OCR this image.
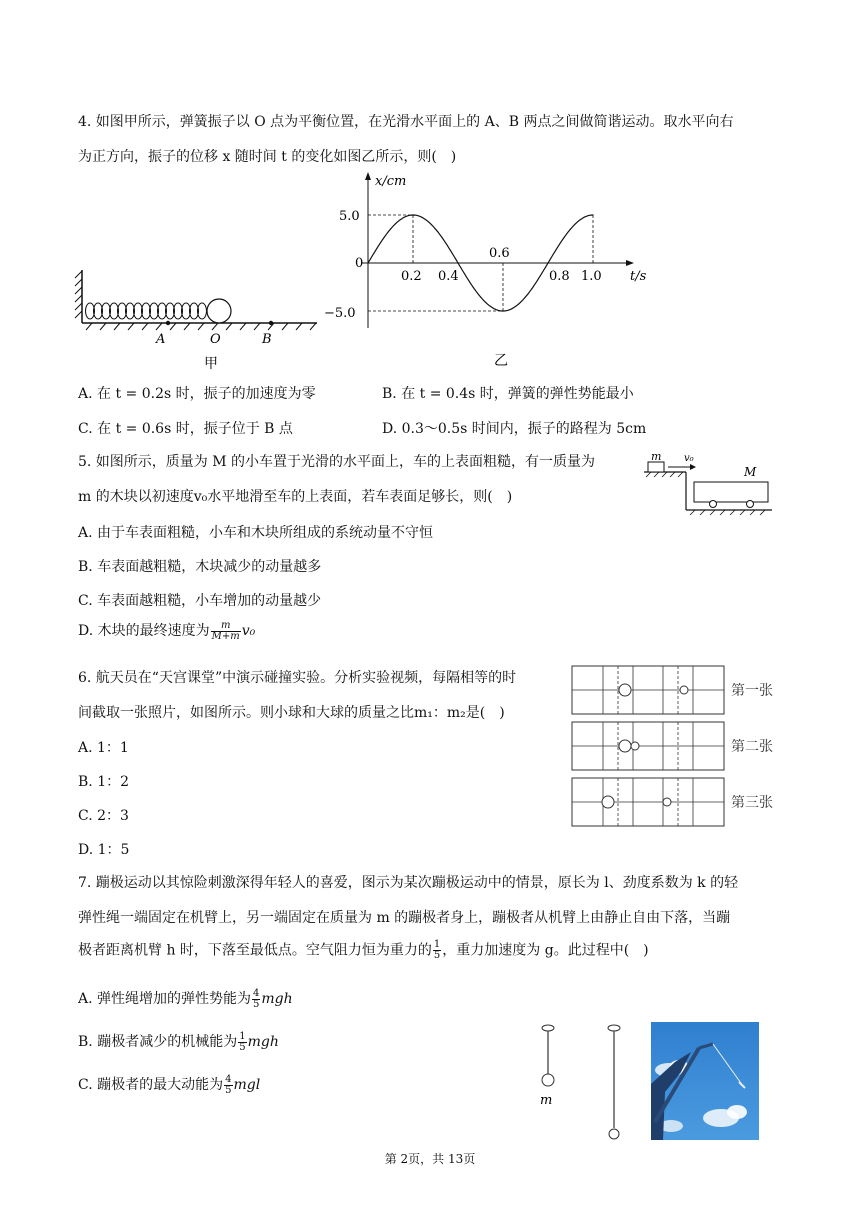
4. 如图甲所示，弹簧振子以 O 点为平衡位置，在光滑水平面上的 A、B 两点之间做简谐运动。取水平向右
为正方向，振子的位移 x 随时间 t 的变化如图乙所示，则(　)
A	O	B
甲
x/cm
t/s
5.0
0
−5.0
0.2 0.4
0.6
0.8 1.0
乙
A. 在 t = 0.2s 时，振子的加速度为零	B. 在 t = 0.4s 时，弹簧的弹性势能最小
C. 在 t = 0.6s 时，振子位于 B 点	D. 0.3～0.5s 时间内，振子的路程为 5cm
5. 如图所示，质量为 M 的小车置于光滑的水平面上，车的上表面粗糙，有一质量为
m 的木块以初速度v₀水平地滑至车的上表面，若车表面足够长，则(　)
m v₀
M
A. 由于车表面粗糙，小车和木块所组成的系统动量不守恒
B. 车表面越粗糙，木块减少的动量越多
C. 车表面越粗糙，小车增加的动量越少
D. 木块的最终速度为 $\frac{m}{M+m} v_0$
6. 航天员在“天宫课堂”中演示碰撞实验。分析实验视频，每隔相等的时
间截取一张照片，如图所示。则小球和大球的质量之比m₁：m₂是(　)
A. 1：1
B. 1：2
C. 2：3
D. 1：5
第一张
第二张
第三张
7. 蹦极运动以其惊险刺激深得年轻人的喜爱，图示为某次蹦极运动中的情景，原长为 l、劲度系数为 k 的轻
弹性绳一端固定在机臂上，另一端固定在质量为 m 的蹦极者身上，蹦极者从机臂上由静止自由下落，当蹦
极者距离机臂 h 时，下落至最低点。空气阻力恒为重力的 $\frac{1}{5}$ ，重力加速度为 g。此过程中(　)
A. 弹性绳增加的弹性势能为 $\frac{4}{5}$ mgh
B. 蹦极者减少的机械能为 $\frac{1}{5}$ mgh
C. 蹦极者的最大动能为 $\frac{4}{5}$ mgl
m
第 2页，共 13页
